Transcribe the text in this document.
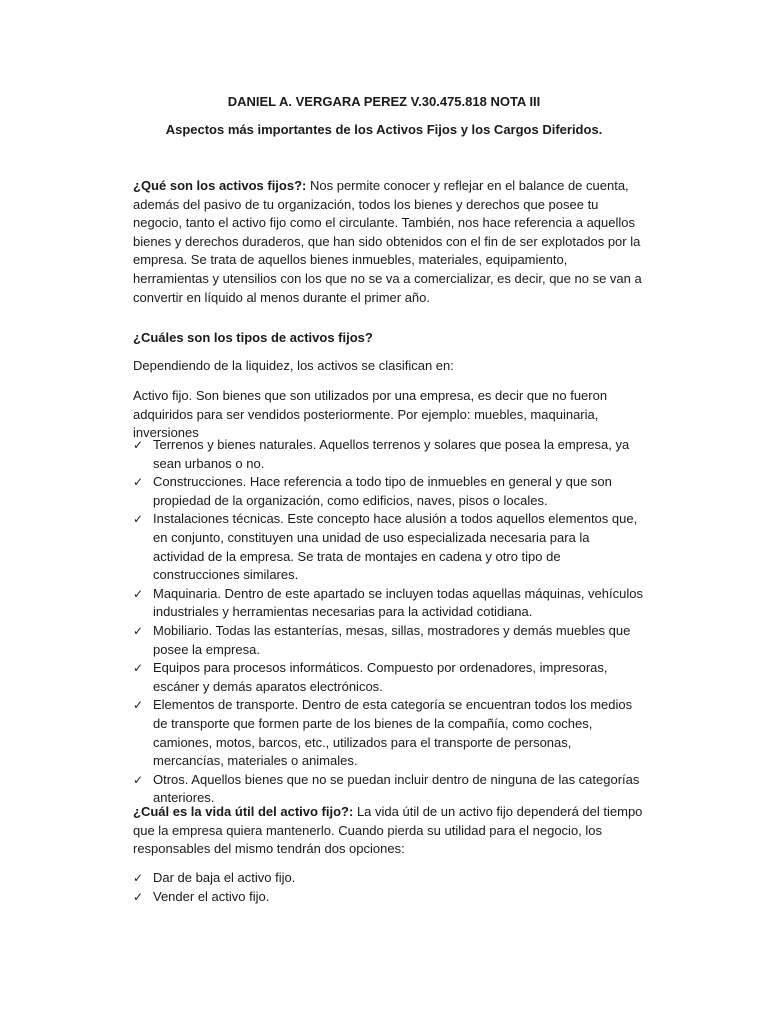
DANIEL A. VERGARA PEREZ V.30.475.818 NOTA III
Aspectos más importantes de los Activos Fijos y los Cargos Diferidos.
¿Qué son los activos fijos?: Nos permite conocer y reflejar en el balance de cuenta, además del pasivo de tu organización, todos los bienes y derechos que posee tu negocio, tanto el activo fijo como el circulante. También, nos hace referencia a aquellos bienes y derechos duraderos, que han sido obtenidos con el fin de ser explotados por la empresa. Se trata de aquellos bienes inmuebles, materiales, equipamiento, herramientas y utensilios con los que no se va a comercializar, es decir, que no se van a convertir en líquido al menos durante el primer año.
¿Cuáles son los tipos de activos fijos?
Dependiendo de la liquidez, los activos se clasifican en:
Activo fijo. Son bienes que son utilizados por una empresa, es decir que no fueron adquiridos para ser vendidos posteriormente. Por ejemplo: muebles, maquinaria, inversiones
✓ Terrenos y bienes naturales. Aquellos terrenos y solares que posea la empresa, ya sean urbanos o no.
✓ Construcciones. Hace referencia a todo tipo de inmuebles en general y que son propiedad de la organización, como edificios, naves, pisos o locales.
✓ Instalaciones técnicas. Este concepto hace alusión a todos aquellos elementos que, en conjunto, constituyen una unidad de uso especializada necesaria para la actividad de la empresa. Se trata de montajes en cadena y otro tipo de construcciones similares.
✓ Maquinaria. Dentro de este apartado se incluyen todas aquellas máquinas, vehículos industriales y herramientas necesarias para la actividad cotidiana.
✓ Mobiliario. Todas las estanterías, mesas, sillas, mostradores y demás muebles que posee la empresa.
✓ Equipos para procesos informáticos. Compuesto por ordenadores, impresoras, escáner y demás aparatos electrónicos.
✓ Elementos de transporte. Dentro de esta categoría se encuentran todos los medios de transporte que formen parte de los bienes de la compañía, como coches, camiones, motos, barcos, etc., utilizados para el transporte de personas, mercancías, materiales o animales.
✓ Otros. Aquellos bienes que no se puedan incluir dentro de ninguna de las categorías anteriores.
¿Cuál es la vida útil del activo fijo?: La vida útil de un activo fijo dependerá del tiempo que la empresa quiera mantenerlo. Cuando pierda su utilidad para el negocio, los responsables del mismo tendrán dos opciones:
✓ Dar de baja el activo fijo.
✓ Vender el activo fijo.
